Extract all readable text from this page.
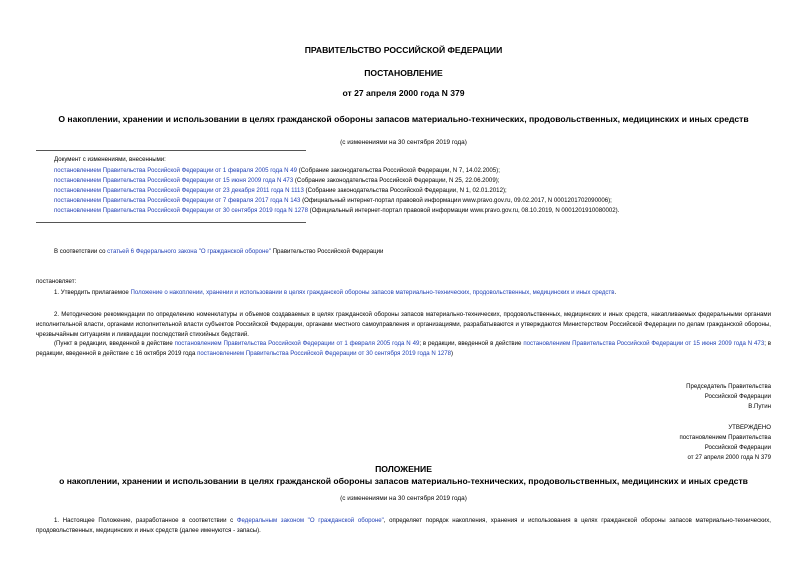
ПРАВИТЕЛЬСТВО РОССИЙСКОЙ ФЕДЕРАЦИИ
ПОСТАНОВЛЕНИЕ
от 27 апреля 2000 года N 379
О накоплении, хранении и использовании в целях гражданской обороны запасов материально-технических, продовольственных, медицинских и иных средств
(с изменениями на 30 сентября 2019 года)
Документ с изменениями, внесенными:
постановлением Правительства Российской Федерации от 1 февраля 2005 года N 49 (Собрание законодательства Российской Федерации, N 7, 14.02.2005);
постановлением Правительства Российской Федерации от 15 июня 2009 года N 473 (Собрание законодательства Российской Федерации, N 25, 22.06.2009);
постановлением Правительства Российской Федерации от 23 декабря 2011 года N 1113 (Собрание законодательства Российской Федерации, N 1, 02.01.2012);
постановлением Правительства Российской Федерации от 7 февраля 2017 года N 143 (Официальный интернет-портал правовой информации www.pravo.gov.ru, 09.02.2017, N 0001201702090006);
постановлением Правительства Российской Федерации от 30 сентября 2019 года N 1278 (Официальный интернет-портал правовой информации www.pravo.gov.ru, 08.10.2019, N 0001201910080002).
В соответствии со статьей 6 Федерального закона "О гражданской обороне" Правительство Российской Федерации
постановляет:
1. Утвердить прилагаемое Положение о накоплении, хранении и использовании в целях гражданской обороны запасов материально-технических, продовольственных, медицинских и иных средств.
2. Методические рекомендации по определению номенклатуры и объемов создаваемых в целях гражданской обороны запасов материально-технических, продовольственных, медицинских и иных средств, накапливаемых федеральными органами исполнительной власти, органами исполнительной власти субъектов Российской Федерации, органами местного самоуправления и организациями, разрабатываются и утверждаются Министерством Российской Федерации по делам гражданской обороны, чрезвычайным ситуациям и ликвидации последствий стихийных бедствий.
(Пункт в редакции, введенной в действие постановлением Правительства Российской Федерации от 1 февраля 2005 года N 49; в редакции, введенной в действие постановлением Правительства Российской Федерации от 15 июня 2009 года N 473; в редакции, введенной в действие с 16 октября 2019 года постановлением Правительства Российской Федерации от 30 сентября 2019 года N 1278)
Председатель Правительства
Российской Федерации
В.Путин
УТВЕРЖДЕНО
постановлением Правительства
Российской Федерации
от 27 апреля 2000 года N 379
ПОЛОЖЕНИЕ
о накоплении, хранении и использовании в целях гражданской обороны запасов материально-технических, продовольственных, медицинских и иных средств
(с изменениями на 30 сентября 2019 года)
1. Настоящее Положение, разработанное в соответствии с Федеральным законом "О гражданской обороне", определяет порядок накопления, хранения и использования в целях гражданской обороны запасов материально-технических, продовольственных, медицинских и иных средств (далее именуются - запасы).
